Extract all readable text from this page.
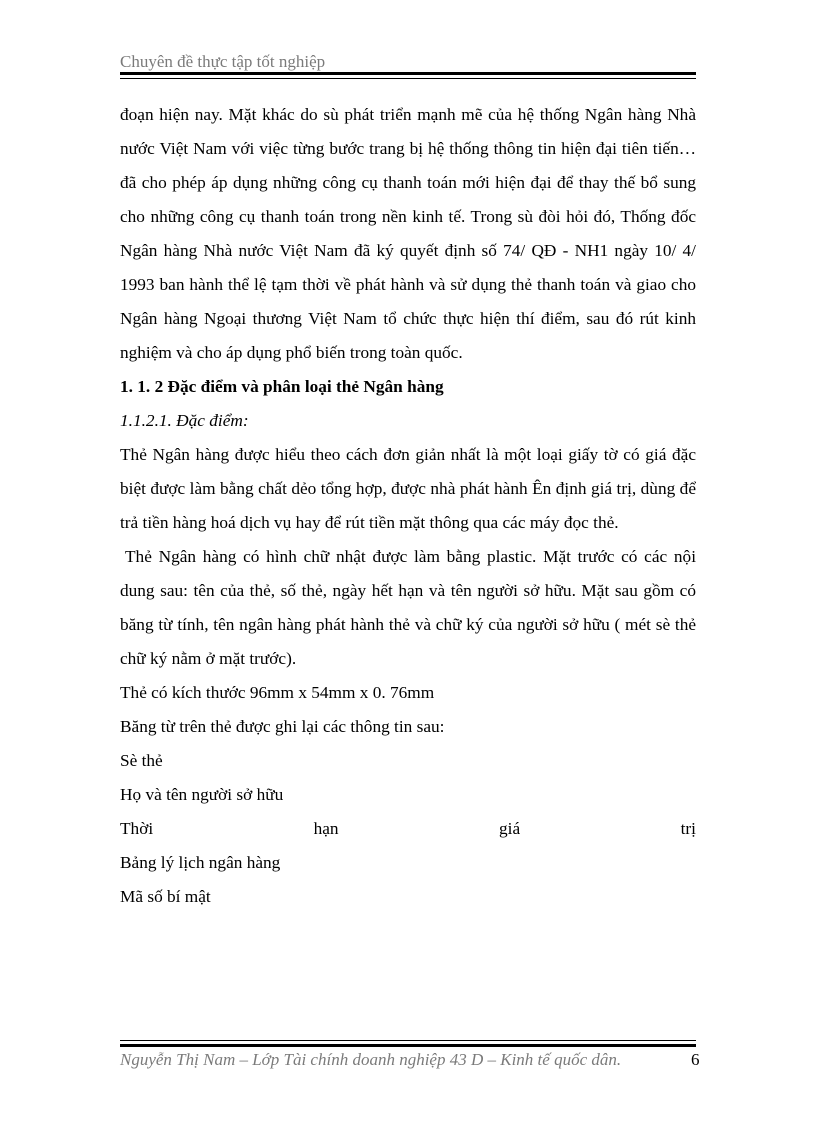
Chuyên đề thực tập tốt nghiệp

đoạn hiện nay. Mặt khác do sù phát triển mạnh mẽ của hệ thống Ngân hàng Nhà nước Việt Nam với việc từng bước trang bị hệ thống thông tin hiện đại tiên tiến… đã cho phép áp dụng những công cụ thanh toán mới hiện đại để thay thế bổ sung cho những công cụ thanh toán trong nền kinh tế. Trong sù đòi hỏi đó, Thống đốc Ngân hàng Nhà nước Việt Nam đã ký quyết định số 74/ QĐ - NH1 ngày 10/ 4/ 1993 ban hành thể lệ tạm thời về phát hành và sử dụng thẻ thanh toán và giao cho Ngân hàng Ngoại thương Việt Nam tổ chức thực hiện thí điểm, sau đó rút kinh nghiệm và cho áp dụng phổ biến trong toàn quốc.

1. 1. 2 Đặc điểm và phân loại thẻ Ngân hàng

1.1.2.1. Đặc điểm:

Thẻ Ngân hàng được hiểu theo cách đơn giản nhất là một loại giấy tờ có giá đặc biệt được làm bằng chất dẻo tổng hợp, được nhà phát hành Ên định giá trị, dùng để trả tiền hàng hoá dịch vụ hay để rút tiền mặt thông qua các máy đọc thẻ.

Thẻ Ngân hàng có hình chữ nhật được làm bằng plastic. Mặt trước có các nội dung sau: tên của thẻ, số thẻ, ngày hết hạn và tên người sở hữu. Mặt sau gồm có băng từ tính, tên ngân hàng phát hành thẻ và chữ ký của người sở hữu ( mét sè thẻ chữ ký nằm ở mặt trước).

Thẻ có kích thước 96mm x 54mm x 0. 76mm

Băng từ trên thẻ được ghi lại các thông tin sau:

Sè thẻ

Họ và tên người sở hữu

Thời	hạn	giá	trị

Bảng lý lịch ngân hàng

Mã số bí mật

Nguyễn Thị Nam – Lớp Tài chính doanh nghiệp 43 D – Kinh tế quốc dân.	6
